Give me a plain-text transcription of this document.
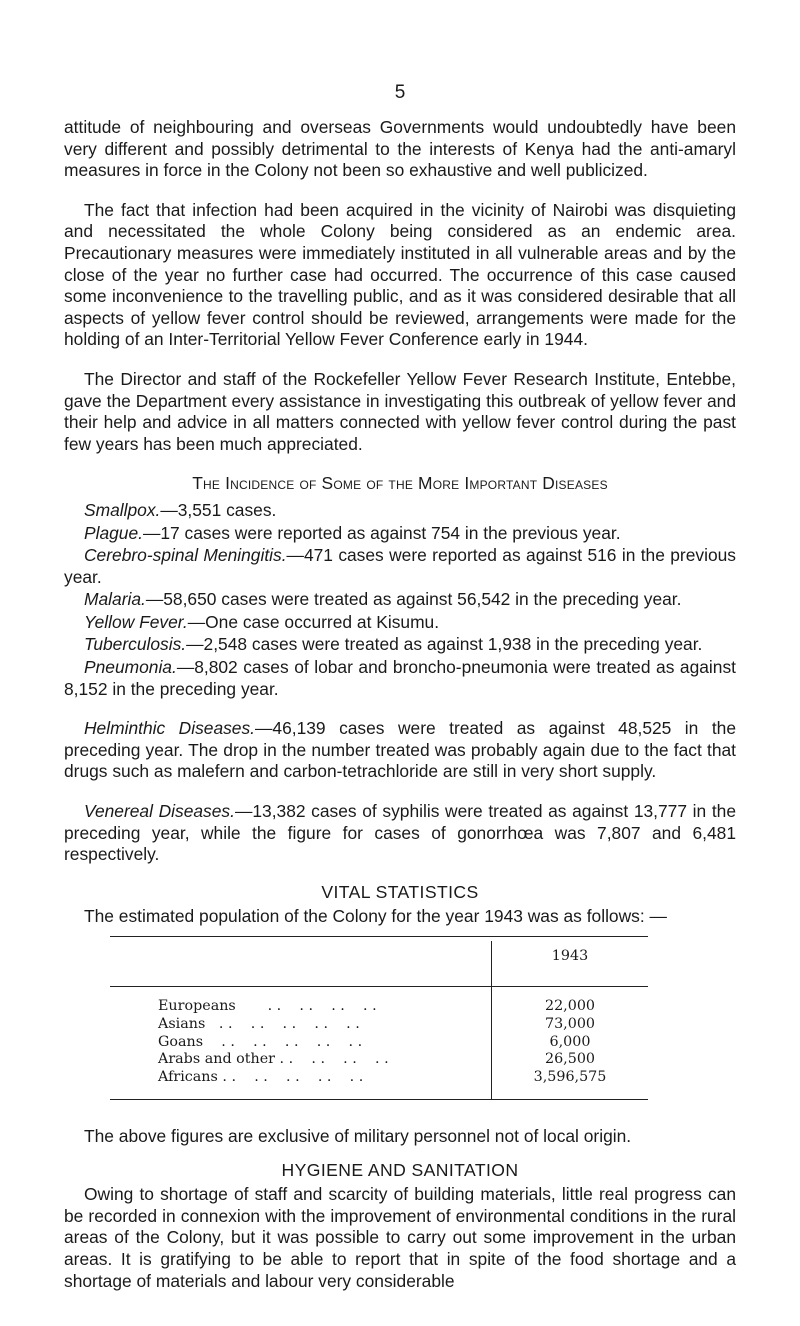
5

attitude of neighbouring and overseas Governments would undoubtedly have been very different and possibly detrimental to the interests of Kenya had the anti-amaryl measures in force in the Colony not been so exhaustive and well publicized.

The fact that infection had been acquired in the vicinity of Nairobi was disquieting and necessitated the whole Colony being considered as an endemic area. Precautionary measures were immediately instituted in all vulnerable areas and by the close of the year no further case had occurred. The occurrence of this case caused some inconvenience to the travelling public, and as it was considered desirable that all aspects of yellow fever control should be reviewed, arrangements were made for the holding of an Inter-Territorial Yellow Fever Conference early in 1944.

The Director and staff of the Rockefeller Yellow Fever Research Institute, Entebbe, gave the Department every assistance in investigating this outbreak of yellow fever and their help and advice in all matters connected with yellow fever control during the past few years has been much appreciated.

The Incidence of Some of the More Important Diseases

Smallpox.—3,551 cases.

Plague.—17 cases were reported as against 754 in the previous year.

Cerebro-spinal Meningitis.—471 cases were reported as against 516 in the previous year.

Malaria.—58,650 cases were treated as against 56,542 in the preceding year.

Yellow Fever.—One case occurred at Kisumu.

Tuberculosis.—2,548 cases were treated as against 1,938 in the preceding year.

Pneumonia.—8,802 cases of lobar and broncho-pneumonia were treated as against 8,152 in the preceding year.

Helminthic Diseases.—46,139 cases were treated as against 48,525 in the preceding year. The drop in the number treated was probably again due to the fact that drugs such as malefern and carbon-tetrachloride are still in very short supply.

Venereal Diseases.—13,382 cases of syphilis were treated as against 13,777 in the preceding year, while the figure for cases of gonorrhœa was 7,807 and 6,481 respectively.

VITAL STATISTICS

The estimated population of the Colony for the year 1943 was as follows: —

	1943
Europeans       . .    . .    . .    . .	22,000
Asians   . .    . .    . .    . .    . .	73,000
Goans    . .    . .    . .    . .    . .	6,000
Arabs and other . .    . .    . .    . .	26,500
Africans . .    . .    . .    . .    . .	3,596,575

The above figures are exclusive of military personnel not of local origin.

HYGIENE AND SANITATION

Owing to shortage of staff and scarcity of building materials, little real progress can be recorded in connexion with the improvement of environmental conditions in the rural areas of the Colony, but it was possible to carry out some improvement in the urban areas. It is gratifying to be able to report that in spite of the food shortage and a shortage of materials and labour very considerable
